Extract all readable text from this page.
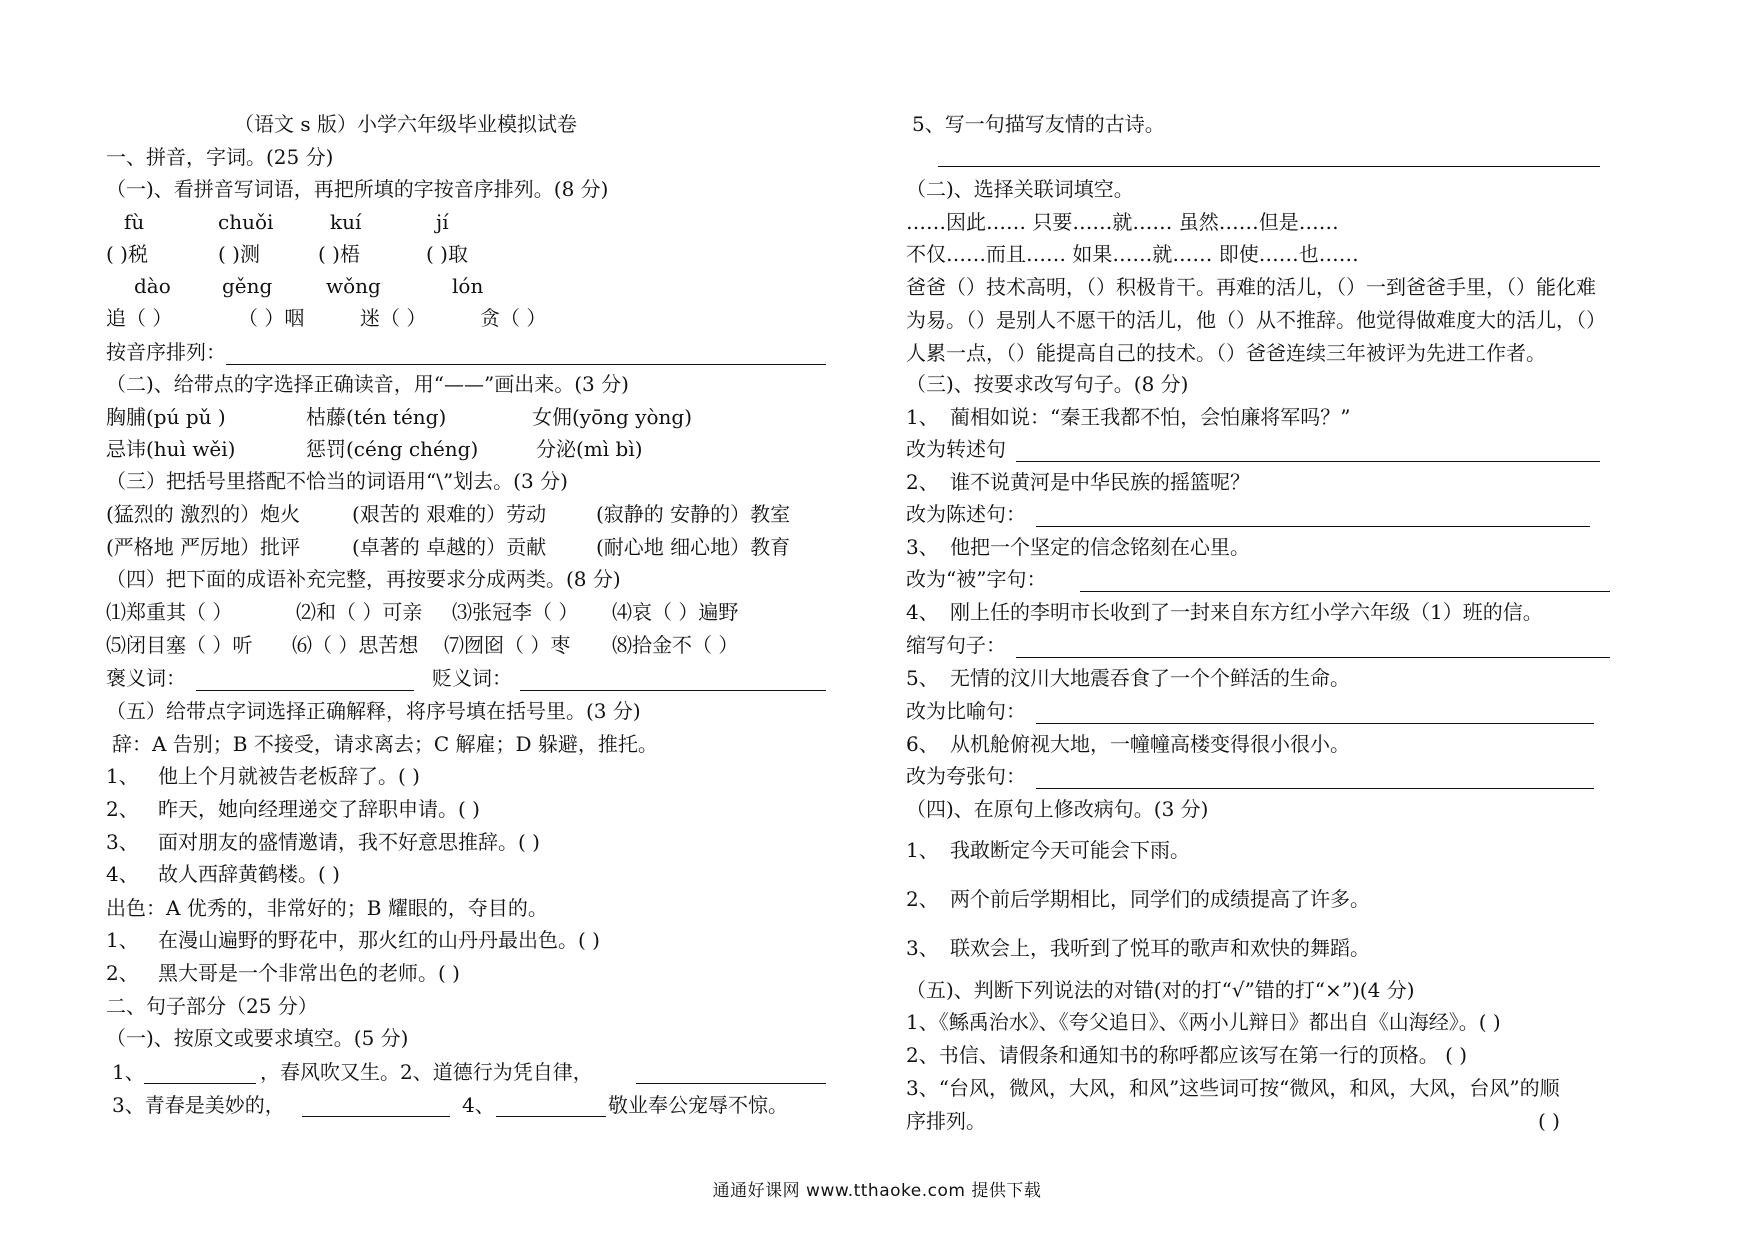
（语文 s 版）小学六年级毕业模拟试卷
一、拼音，字词。(25 分)
（一)、看拼音写词语，再把所填的字按音序排列。(8 分)
fù	chuǒi	kuí	jí
( )税	( )测	( )梧	( )取
dào	gěng	wǒng	lón
追（ ）	（ ）咽	迷（ ）	贪（ ）
按音序排列：
（二)、给带点的字选择正确读音，用“——”画出来。(3 分)
胸脯(pú pǔ )	枯藤(tén téng)	女佣(yōng yòng)
忌讳(huì wěi)	惩罚(céng chéng)	分泌(mì bì)
（三）把括号里搭配不恰当的词语用“\”划去。(3 分)
(猛烈的 激烈的）炮火	(艰苦的 艰难的）劳动 (寂静的 安静的）教室
(严格地 严厉地）批评	(卓著的 卓越的）贡献 (耐心地 细心地）教育
（四）把下面的成语补充完整，再按要求分成两类。(8 分)
⑴郑重其（ ）	⑵和（ ）可亲 ⑶张冠李（ ） ⑷哀（ ）遍野
⑸闭目塞（ ）听 ⑹（ ）思苦想 ⑺囫囵（ ）枣 ⑻拾金不（ ）
褒义词：	贬义词：
（五）给带点字词选择正确解释，将序号填在括号里。(3 分)
辞：A 告别；B 不接受，请求离去；C 解雇；D 躲避，推托。
1、 他上个月就被告老板辞了。( )
2、 昨天，她向经理递交了辞职申请。( )
3、 面对朋友的盛情邀请，我不好意思推辞。( )
4、 故人西辞黄鹤楼。( )
出色：A 优秀的，非常好的；B 耀眼的，夺目的。
1、 在漫山遍野的野花中，那火红的山丹丹最出色。( )
2、 黑大哥是一个非常出色的老师。( )
二、句子部分（25 分）
（一)、按原文或要求填空。(5 分)
1、	，春风吹又生。2、道德行为凭自律，
3、青春是美妙的，	4、	敬业奉公宠辱不惊。
5、写一句描写友情的古诗。
（二)、选择关联词填空。
……因此…… 只要……就…… 虽然……但是……
不仅……而且…… 如果……就…… 即使……也……
爸爸（）技术高明，（）积极肯干。再难的活儿，（）一到爸爸手里，（）能化难
为易。（）是别人不愿干的活儿，他（）从不推辞。他觉得做难度大的活儿，（）
人累一点，（）能提高自己的技术。（）爸爸连续三年被评为先进工作者。
（三)、按要求改写句子。(8 分)
1、 蔺相如说：“秦王我都不怕，会怕廉将军吗？”
改为转述句
2、 谁不说黄河是中华民族的摇篮呢？
改为陈述句：
3、 他把一个坚定的信念铭刻在心里。
改为“被”字句：
4、 刚上任的李明市长收到了一封来自东方红小学六年级（1）班的信。
缩写句子：
5、 无情的汶川大地震吞食了一个个鲜活的生命。
改为比喻句：
6、 从机舱俯视大地，一幢幢高楼变得很小很小。
改为夸张句：
（四)、在原句上修改病句。(3 分)
1、 我敢断定今天可能会下雨。
2、 两个前后学期相比，同学们的成绩提高了许多。
3、 联欢会上，我听到了悦耳的歌声和欢快的舞蹈。
（五)、判断下列说法的对错(对的打“√”错的打“×”)(4 分)
1、《鲧禹治水》、《夸父追日》、《两小儿辩日》都出自《山海经》。( )
2、书信、请假条和通知书的称呼都应该写在第一行的顶格。 ( )
3、“台风，微风，大风，和风”这些词可按“微风，和风，大风，台风”的顺
序排列。	( )
通通好课网 www.tthaoke.com 提供下载
